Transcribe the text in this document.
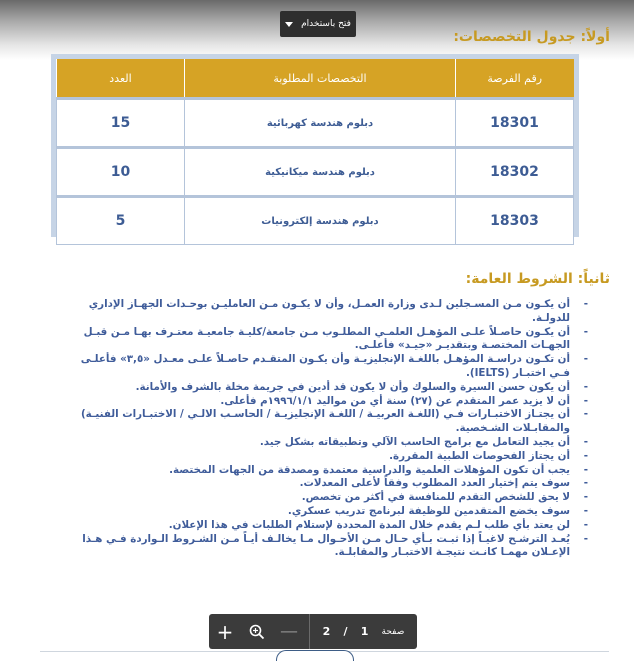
فتح باستخدام
أولاً: جدول التخصصات:
رقم الفرصة	التخصصات المطلوبة	العدد
18301	دبلوم هندسة كهربائية	15
18302	دبلوم هندسة ميكانيكية	10
18303	دبلوم هندسة إلكترونيات	5
ثانياً: الشروط العامة:
-
أن يكـون مـن المسـجلين لـدى وزارة العمـل، وأن لا يكـون مـن العامليـن بوحـدات الجهـاز الإداري للدولـة.
-
أن يكـون حاصـلاً علـى المؤهـل العلمـي المطلـوب مـن جامعة/كليـة جامعيـة معتـرف بهـا مـن قبـل الجهـات المختصـة وبتقديـر «جيـد» فأعلـى.
-
أن تكـون دراسـة المؤهـل باللغـة الإنجليزيـة وأن يكـون المتقـدم حاصـلاً علـى معـدل «٣,٥» فأعلـى فـي اختبـار (IELTS).
-
أن يكون حسن السيرة والسلوك وأن لا يكون قد أدين في جريمة مخلة بالشرف والأمانة.
-
أن لا يزيد عمر المتقدم عن (٢٧) سنة أي من مواليد ١٩٩٦/١/١م فأعلى.
-
أن يجتـاز الاختبـارات فـي (اللغـة العربيـة / اللغـة الإنجليزيـة / الحاسـب الالـي / الاختبـارات الفنيـة) والمقابـلات الشـخصية.
-
أن يجيد التعامل مع برامج الحاسب الآلي وتطبيقاته بشكل جيد.
-
أن يجتاز الفحوصات الطبية المقررة.
-
يجب أن تكون المؤهلات العلمية والدراسية معتمدة ومصدقة من الجهات المختصة.
-
سوف يتم إختيار العدد المطلوب وفقاً لأعلى المعدلات.
-
لا يحق للشخص التقدم للمنافسة في أكثر من تخصص.
-
سوف يخضع المتقدمين للوظيفة لبرنامج تدريب عسكري.
-
لن يعتد بأي طلب لـم يقدم خلال المدة المحددة لإستلام الطلبات في هذا الإعلان.
-
يُعـد الترشـح لاغيـاً إذا ثبـت بـأي حـال مـن الأحـوال مـا يخالـف أيـاً مـن الشـروط الـواردة فـي هـذا الإعـلان مهمـا كانـت نتيجـة الاختبـار والمقابلـة.
+	— 2 / 1 صفحة
